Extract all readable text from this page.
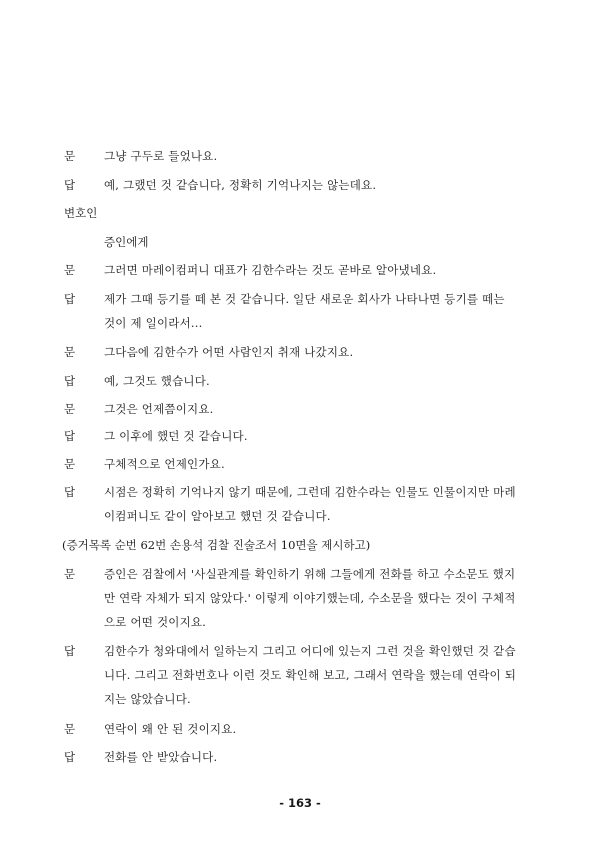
문	그냥 구두로 들었나요.
답	예, 그랬던 것 같습니다, 정확히 기억나지는 않는데요.
변호인
증인에게
문	그러면 마레이컴퍼니 대표가 김한수라는 것도 곧바로 알아냈네요.
답	제가 그때 등기를 떼 본 것 같습니다. 일단 새로운 회사가 나타나면 등기를 떼는
것이 제 일이라서...
문	그다음에 김한수가 어떤 사람인지 취재 나갔지요.
답	예, 그것도 했습니다.
문	그것은 언제쯤이지요.
답	그 이후에 했던 것 같습니다.
문	구체적으로 언제인가요.
답	시점은 정확히 기억나지 않기 때문에, 그런데 김한수라는 인물도 인물이지만 마레
이컴퍼니도 같이 알아보고 했던 것 같습니다.
(증거목록 순번 62번 손용석 검찰 진술조서 10면을 제시하고)
문	증인은 검찰에서 '사실관계를 확인하기 위해 그들에게 전화를 하고 수소문도 했지
만 연락 자체가 되지 않았다.' 이렇게 이야기했는데, 수소문을 했다는 것이 구체적
으로 어떤 것이지요.
답	김한수가 청와대에서 일하는지 그리고 어디에 있는지 그런 것을 확인했던 것 같습
니다. 그리고 전화번호나 이런 것도 확인해 보고, 그래서 연락을 했는데 연락이 되
지는 않았습니다.
문	연락이 왜 안 된 것이지요.
답	전화를 안 받았습니다.
- 163 -
